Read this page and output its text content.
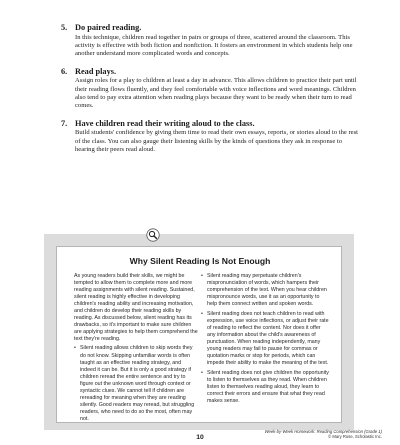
5. Do paired reading.
In this technique, children read together in pairs or groups of three, scattered around the classroom. This activity is effective with both fiction and nonfiction. It fosters an environment in which students help one another understand more complicated words and concepts.
6. Read plays.
Assign roles for a play to children at least a day in advance. This allows children to practice their part until their reading flows fluently, and they feel comfortable with voice inflections and word meanings. Children also tend to pay extra attention when reading plays because they want to be ready when their turn to read comes.
7. Have children read their writing aloud to the class.
Build students' confidence by giving them time to read their own essays, reports, or stories aloud to the rest of the class. You can also gauge their listening skills by the kinds of questions they ask in response to hearing their peers read aloud.
Why Silent Reading Is Not Enough

As young readers build their skills, we might be tempted to allow them to complete more and more reading assignments with silent reading. Sustained, silent reading is highly effective in developing children's reading ability and increasing motivation, and children do develop their reading skills by reading. As discussed below, silent reading has its drawbacks, so it's important to make sure children are applying strategies to help them comprehend the text they're reading.

• Silent reading allows children to skip words they do not know. Skipping unfamiliar words is often taught as an effective reading strategy, and indeed it can be. But it is only a good strategy if children reread the entire sentence and try to figure out the unknown word through context or syntactic clues. We cannot tell if children are rereading for meaning when they are reading silently. Good readers may reread, but struggling readers, who need to do so the most, often may not.
• Silent reading may perpetuate children's mispronunciation of words, which hampers their comprehension of the text. When you hear children mispronounce words, use it as an opportunity to help them connect written and spoken words.
• Silent reading does not teach children to read with expression, use voice inflections, or adjust their rate of reading to reflect the content. Nor does it offer any information about the child's awareness of punctuation. When reading independently, many young readers may fail to pause for commas or quotation marks or stop for periods, which can impede their ability to make the meaning of the text.
• Silent reading does not give children the opportunity to listen to themselves as they read. When children listen to themselves reading aloud, they learn to correct their errors and ensure that what they read makes sense.
10
Week-by-Week Homework: Reading Comprehension (Grade 1)
© Mary Rose, Scholastic Inc.
